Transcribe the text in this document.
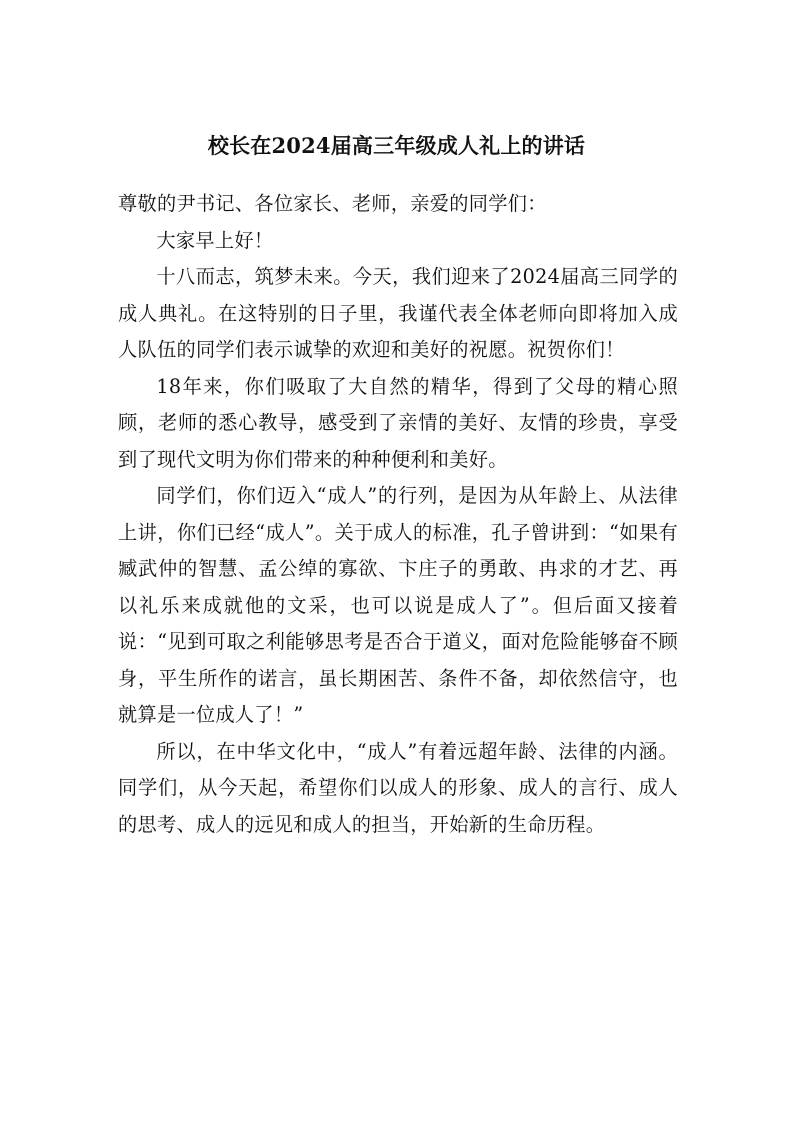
校长在2024届高三年级成人礼上的讲话

尊敬的尹书记、各位家长、老师，亲爱的同学们：

大家早上好！

十八而志，筑梦未来。今天，我们迎来了2024届高三同学的成人典礼。在这特别的日子里，我谨代表全体老师向即将加入成人队伍的同学们表示诚挚的欢迎和美好的祝愿。祝贺你们！

18年来，你们吸取了大自然的精华，得到了父母的精心照顾，老师的悉心教导，感受到了亲情的美好、友情的珍贵，享受到了现代文明为你们带来的种种便利和美好。

同学们，你们迈入“成人”的行列，是因为从年龄上、从法律上讲，你们已经“成人”。关于成人的标准，孔子曾讲到：“如果有臧武仲的智慧、孟公绰的寡欲、卞庄子的勇敢、冉求的才艺、再以礼乐来成就他的文采，也可以说是成人了”。但后面又接着说：“见到可取之利能够思考是否合于道义，面对危险能够奋不顾身，平生所作的诺言，虽长期困苦、条件不备，却依然信守，也就算是一位成人了！”

所以，在中华文化中，“成人”有着远超年龄、法律的内涵。同学们，从今天起，希望你们以成人的形象、成人的言行、成人的思考、成人的远见和成人的担当，开始新的生命历程。
